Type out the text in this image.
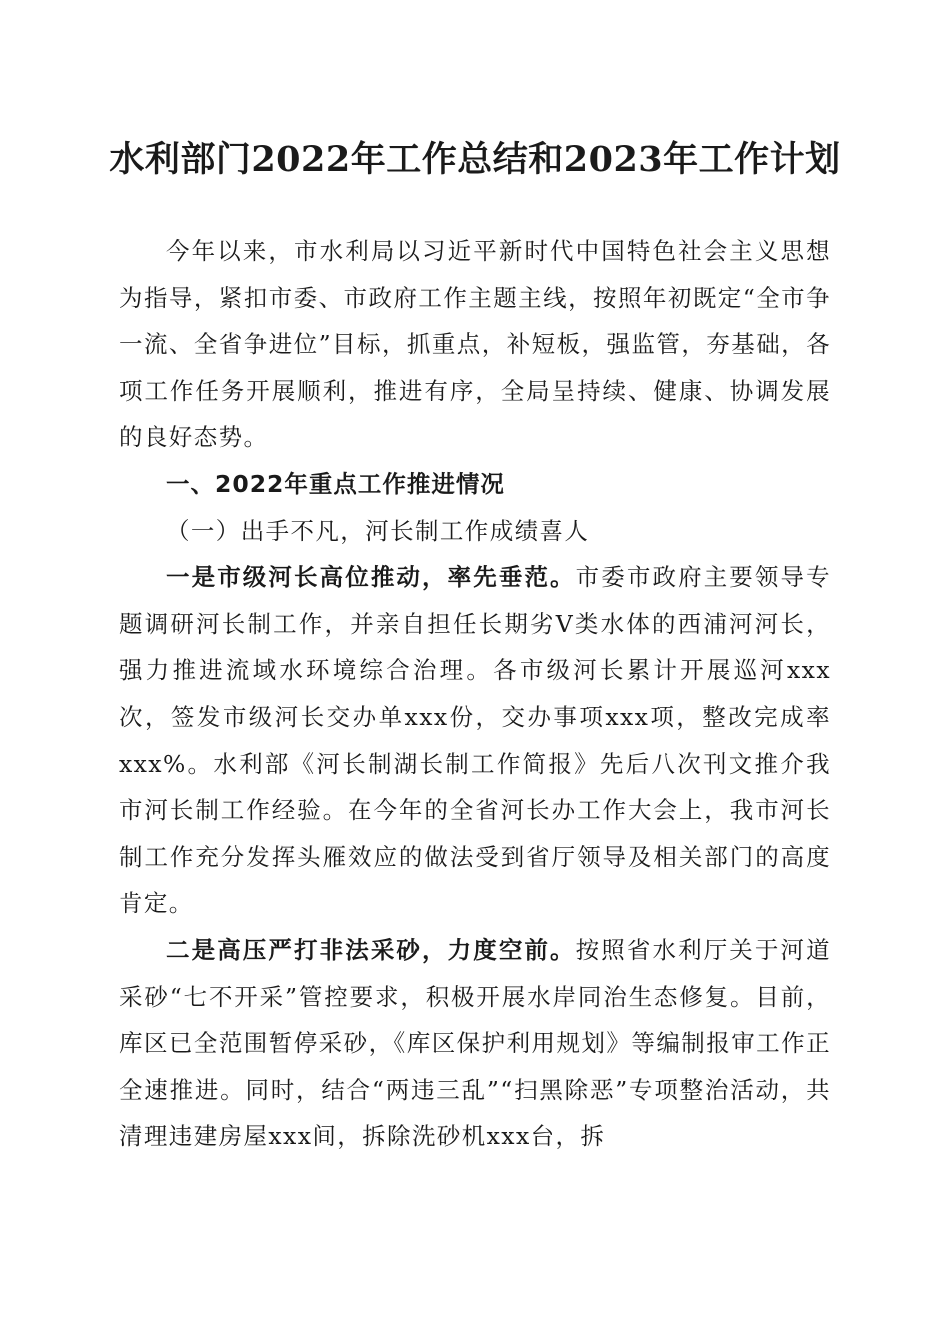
水利部门2022年工作总结和2023年工作计划

今年以来，市水利局以习近平新时代中国特色社会主义思想为指导，紧扣市委、市政府工作主题主线，按照年初既定“全市争一流、全省争进位”目标，抓重点，补短板，强监管，夯基础，各项工作任务开展顺利，推进有序，全局呈持续、健康、协调发展的良好态势。

一、2022年重点工作推进情况

（一）出手不凡，河长制工作成绩喜人

一是市级河长高位推动，率先垂范。市委市政府主要领导专题调研河长制工作，并亲自担任长期劣Ⅴ类水体的西浦河河长，强力推进流域水环境综合治理。各市级河长累计开展巡河xxx次，签发市级河长交办单xxx份，交办事项xxx项，整改完成率xxx%。水利部《河长制湖长制工作简报》先后八次刊文推介我市河长制工作经验。在今年的全省河长办工作大会上，我市河长制工作充分发挥头雁效应的做法受到省厅领导及相关部门的高度肯定。

二是高压严打非法采砂，力度空前。按照省水利厅关于河道采砂“七不开采”管控要求，积极开展水岸同治生态修复。目前，库区已全范围暂停采砂，《库区保护利用规划》等编制报审工作正全速推进。同时，结合“两违三乱”“扫黑除恶”专项整治活动，共清理违建房屋xxx间，拆除洗砂机xxx台，拆
